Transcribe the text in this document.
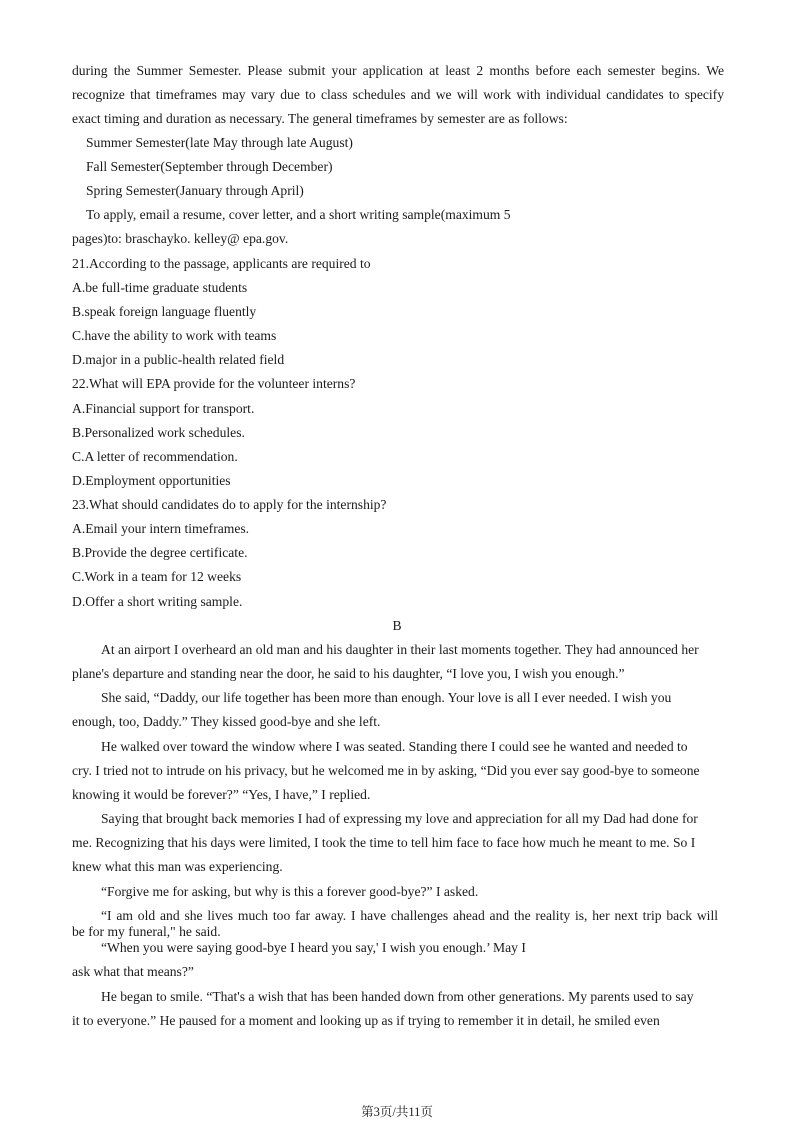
during the Summer Semester. Please submit your application at least 2 months before each semester begins. We
recognize that timeframes may vary due to class schedules and we will work with individual candidates to specify
exact timing and duration as necessary. The general timeframes by semester are as follows:
Summer Semester(late May through late August)
Fall Semester(September through December)
Spring Semester(January through April)
To apply, email a resume, cover letter, and a short writing sample(maximum 5
pages)to: braschayko. kelley@ epa.gov.
21.According to the passage, applicants are required to
A.be full-time graduate students
B.speak foreign language fluently
C.have the ability to work with teams
D.major in a public-health related field
22.What will EPA provide for the volunteer interns?
A.Financial support for transport.
B.Personalized work schedules.
C.A letter of recommendation.
D.Employment opportunities
23.What should candidates do to apply for the internship?
A.Email your intern timeframes.
B.Provide the degree certificate.
C.Work in a team for 12 weeks
D.Offer a short writing sample.
B
At an airport I overheard an old man and his daughter in their last moments together. They had announced her
plane's departure and standing near the door, he said to his daughter, “I love you, I wish you enough.”
She said, “Daddy, our life together has been more than enough. Your love is all I ever needed. I wish you
enough, too, Daddy.” They kissed good-bye and she left.
He walked over toward the window where I was seated. Standing there I could see he wanted and needed to
cry. I tried not to intrude on his privacy, but he welcomed me in by asking, “Did you ever say good-bye to someone
knowing it would be forever?” “Yes, I have,” I replied.
Saying that brought back memories I had of expressing my love and appreciation for all my Dad had done for
me. Recognizing that his days were limited, I took the time to tell him face to face how much he meant to me. So I
knew what this man was experiencing.
“Forgive me for asking, but why is this a forever good-bye?” I asked.
“I am old and she lives much too far away. I have challenges ahead and the reality is, her next trip back will
be for my funeral," he said.
“When you were saying good-bye I heard you say,' I wish you enough.’ May I
ask what that means?”
He began to smile. “That's a wish that has been handed down from other generations. My parents used to say
it to everyone.” He paused for a moment and looking up as if trying to remember it in detail, he smiled even
第3页/共11页
